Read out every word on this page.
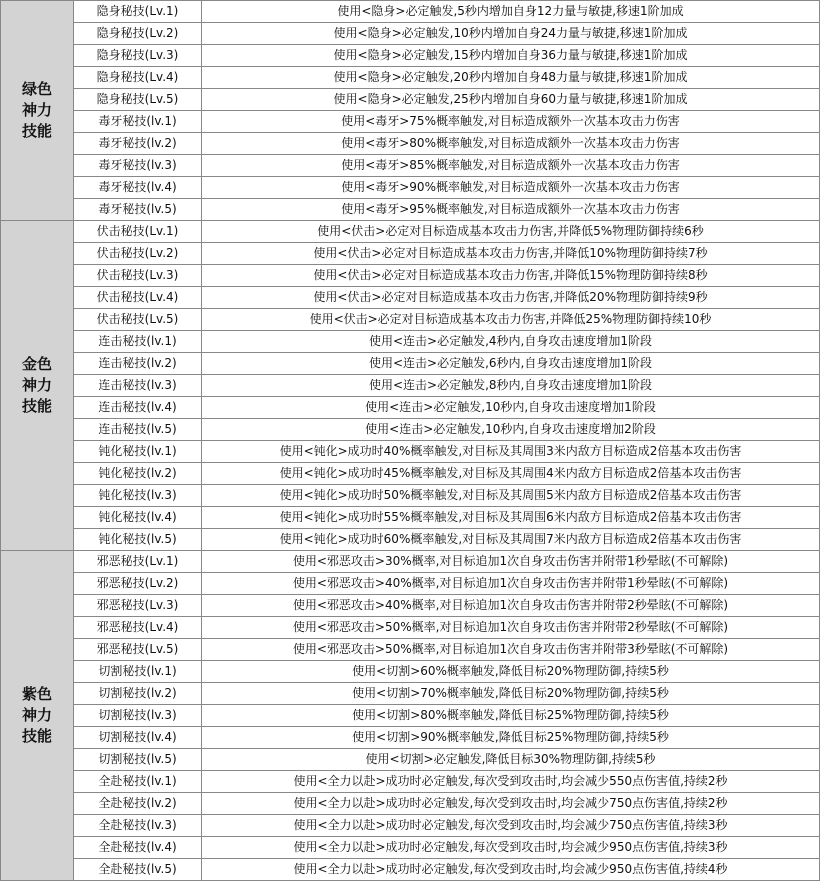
绿色
神力
技能	隐身秘技(Lv.1)	使用<隐身>必定触发,5秒内增加自身12力量与敏捷,移速1阶加成
	隐身秘技(Lv.2)	使用<隐身>必定触发,10秒内增加自身24力量与敏捷,移速1阶加成
	隐身秘技(Lv.3)	使用<隐身>必定触发,15秒内增加自身36力量与敏捷,移速1阶加成
	隐身秘技(Lv.4)	使用<隐身>必定触发,20秒内增加自身48力量与敏捷,移速1阶加成
	隐身秘技(Lv.5)	使用<隐身>必定触发,25秒内增加自身60力量与敏捷,移速1阶加成
	毒牙秘技(lv.1)	使用<毒牙>75%概率触发,对目标造成额外一次基本攻击力伤害
	毒牙秘技(lv.2)	使用<毒牙>80%概率触发,对目标造成额外一次基本攻击力伤害
	毒牙秘技(lv.3)	使用<毒牙>85%概率触发,对目标造成额外一次基本攻击力伤害
	毒牙秘技(lv.4)	使用<毒牙>90%概率触发,对目标造成额外一次基本攻击力伤害
	毒牙秘技(lv.5)	使用<毒牙>95%概率触发,对目标造成额外一次基本攻击力伤害

金色
神力
技能	伏击秘技(Lv.1)	使用<伏击>必定对目标造成基本攻击力伤害,并降低5%物理防御持续6秒
	伏击秘技(Lv.2)	使用<伏击>必定对目标造成基本攻击力伤害,并降低10%物理防御持续7秒
	伏击秘技(Lv.3)	使用<伏击>必定对目标造成基本攻击力伤害,并降低15%物理防御持续8秒
	伏击秘技(Lv.4)	使用<伏击>必定对目标造成基本攻击力伤害,并降低20%物理防御持续9秒
	伏击秘技(Lv.5)	使用<伏击>必定对目标造成基本攻击力伤害,并降低25%物理防御持续10秒
	连击秘技(lv.1)	使用<连击>必定触发,4秒内,自身攻击速度增加1阶段
	连击秘技(lv.2)	使用<连击>必定触发,6秒内,自身攻击速度增加1阶段
	连击秘技(lv.3)	使用<连击>必定触发,8秒内,自身攻击速度增加1阶段
	连击秘技(lv.4)	使用<连击>必定触发,10秒内,自身攻击速度增加1阶段
	连击秘技(lv.5)	使用<连击>必定触发,10秒内,自身攻击速度增加2阶段
	钝化秘技(lv.1)	使用<钝化>成功时40%概率触发,对目标及其周围3米内敌方目标造成2倍基本攻击伤害
	钝化秘技(lv.2)	使用<钝化>成功时45%概率触发,对目标及其周围4米内敌方目标造成2倍基本攻击伤害
	钝化秘技(lv.3)	使用<钝化>成功时50%概率触发,对目标及其周围5米内敌方目标造成2倍基本攻击伤害
	钝化秘技(lv.4)	使用<钝化>成功时55%概率触发,对目标及其周围6米内敌方目标造成2倍基本攻击伤害
	钝化秘技(lv.5)	使用<钝化>成功时60%概率触发,对目标及其周围7米内敌方目标造成2倍基本攻击伤害

紫色
神力
技能	邪恶秘技(Lv.1)	使用<邪恶攻击>30%概率,对目标追加1次自身攻击伤害并附带1秒晕眩(不可解除)
	邪恶秘技(Lv.2)	使用<邪恶攻击>40%概率,对目标追加1次自身攻击伤害并附带1秒晕眩(不可解除)
	邪恶秘技(Lv.3)	使用<邪恶攻击>40%概率,对目标追加1次自身攻击伤害并附带2秒晕眩(不可解除)
	邪恶秘技(Lv.4)	使用<邪恶攻击>50%概率,对目标追加1次自身攻击伤害并附带2秒晕眩(不可解除)
	邪恶秘技(Lv.5)	使用<邪恶攻击>50%概率,对目标追加1次自身攻击伤害并附带3秒晕眩(不可解除)
	切割秘技(lv.1)	使用<切割>60%概率触发,降低目标20%物理防御,持续5秒
	切割秘技(lv.2)	使用<切割>70%概率触发,降低目标20%物理防御,持续5秒
	切割秘技(lv.3)	使用<切割>80%概率触发,降低目标25%物理防御,持续5秒
	切割秘技(lv.4)	使用<切割>90%概率触发,降低目标25%物理防御,持续5秒
	切割秘技(lv.5)	使用<切割>必定触发,降低目标30%物理防御,持续5秒
	全赴秘技(lv.1)	使用<全力以赴>成功时必定触发,每次受到攻击时,均会减少550点伤害值,持续2秒
	全赴秘技(lv.2)	使用<全力以赴>成功时必定触发,每次受到攻击时,均会减少750点伤害值,持续2秒
	全赴秘技(lv.3)	使用<全力以赴>成功时必定触发,每次受到攻击时,均会减少750点伤害值,持续3秒
	全赴秘技(lv.4)	使用<全力以赴>成功时必定触发,每次受到攻击时,均会减少950点伤害值,持续3秒
	全赴秘技(lv.5)	使用<全力以赴>成功时必定触发,每次受到攻击时,均会减少950点伤害值,持续4秒
